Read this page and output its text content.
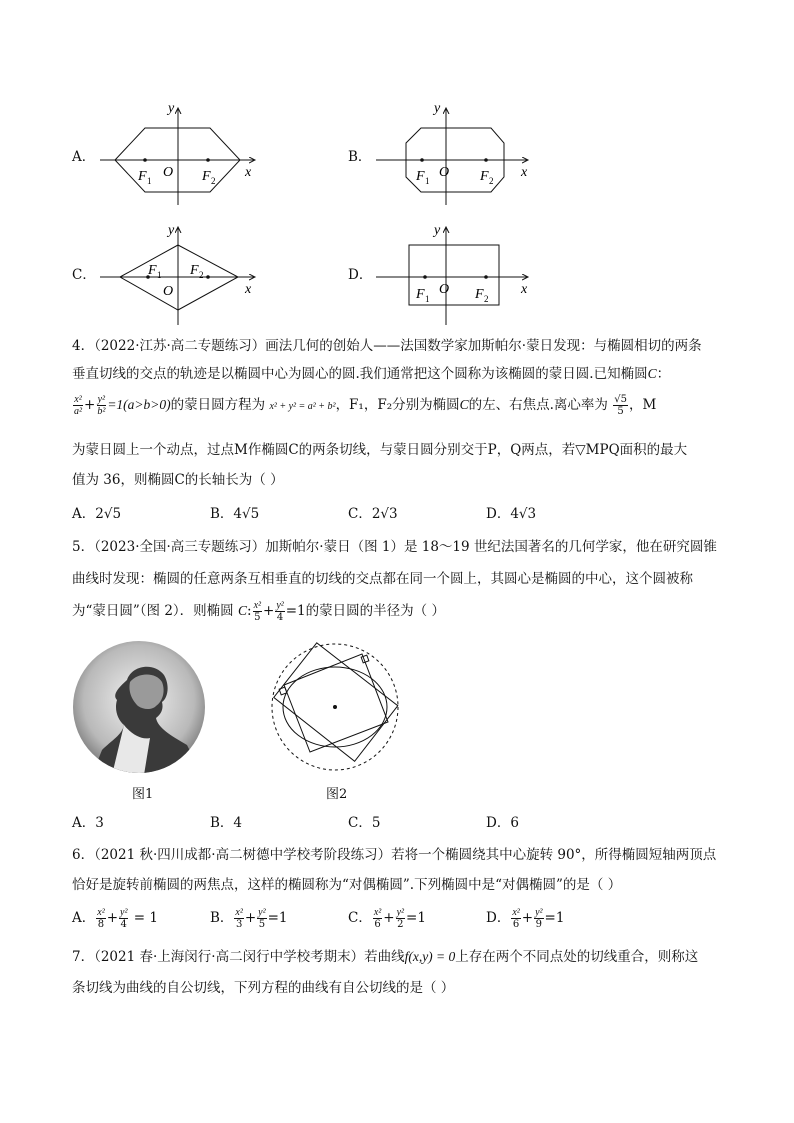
A．
y
x
O
F 1	F 2
B．
y
x
O
F 1	F 2
C．
y
x
O
F 1 F 2	D．
y
x
O
F 1	F 2
4．（2022·江苏·高二专题练习）画法几何的创始人——法国数学家加斯帕尔·蒙日发现：与椭圆相切的两条
垂直切线的交点的轨迹是以椭圆中心为圆心的圆.我们通常把这个圆称为该椭圆的蒙日圆.已知椭圆C：
$\frac{\text{x²}}{\text{a²}} + \frac{\text{y²}}{\text{b²}} =1(a>b>0)$的蒙日圆方程为 x² + y² = a² + b²，F₁，F₂分别为椭圆C的左、右焦点.离心率为 $\frac{√5}{5}$ ，M
为蒙日圆上一个动点，过点M作椭圆C的两条切线，与蒙日圆分别交于P，Q两点，若▽MPQ面积的最大
值为 36，则椭圆C的长轴长为（ ）
A．2√5	B．4√5	C．2√3	D．4√3
5．（2023·全国·高三专题练习）加斯帕尔·蒙日（图 1）是 18～19 世纪法国著名的几何学家，他在研究圆锥
曲线时发现：椭圆的任意两条互相垂直的切线的交点都在同一个圆上，其圆心是椭圆的中心，这个圆被称
为“蒙日圆”（图 2）．则椭圆 C: $\frac{\text{x²}}{5} + \frac{\text{y²}}{4} =1$的蒙日圆的半径为（ ）
图1	图2
A．3	B．4	C．5	D．6
6．（2021 秋·四川成都·高二树德中学校考阶段练习）若将一个椭圆绕其中心旋转 90°，所得椭圆短轴两顶点
恰好是旋转前椭圆的两焦点，这样的椭圆称为“对偶椭圆”.下列椭圆中是“对偶椭圆”的是（ ）
A． $\frac{\text{x²}}{8} + \frac{\text{y²}}{4} = 1$	B． $\frac{\text{x²}}{3} + \frac{\text{y²}}{5} =1$	C． $\frac{\text{x²}}{6} + \frac{\text{y²}}{2} =1$	D． $\frac{\text{x²}}{6} + \frac{\text{y²}}{9} =1$
7．（2021 春·上海闵行·高二闵行中学校考期末）若曲线f(x,y) = 0上存在两个不同点处的切线重合，则称这
条切线为曲线的自公切线，下列方程的曲线有自公切线的是（ ）
